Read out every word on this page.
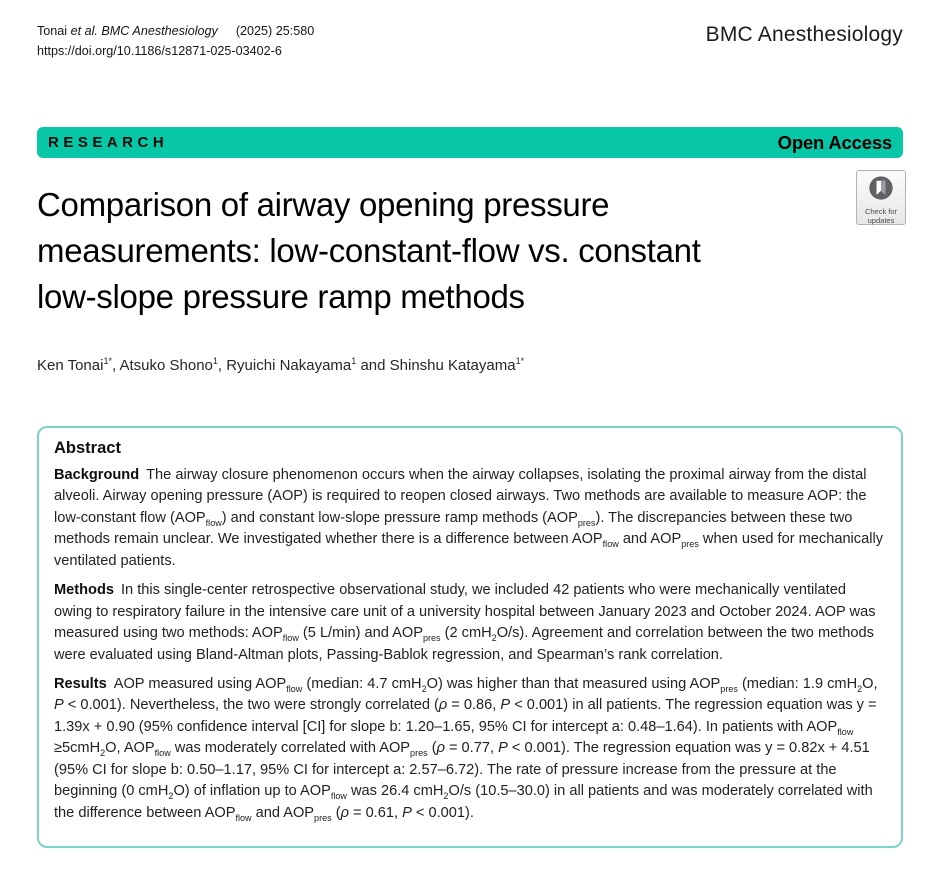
Tonai et al. BMC Anesthesiology (2025) 25:580
https://doi.org/10.1186/s12871-025-03402-6
BMC Anesthesiology
RESEARCH	Open Access
Check for
updates
Comparison of airway opening pressure measurements: low-constant-flow vs. constant low-slope pressure ramp methods
Ken Tonai$^{1*}$, Atsuko Shono$^1$, Ryuichi Nakayama$^1$ and Shinshu Katayama$^{1*}$
Abstract

Background The airway closure phenomenon occurs when the airway collapses, isolating the proximal airway from the distal alveoli. Airway opening pressure (AOP) is required to reopen closed airways. Two methods are available to measure AOP: the low-constant flow $(AOP_{flow})$ and constant low-slope pressure ramp methods $(AOP_{pres})$. The discrepancies between these two methods remain unclear. We investigated whether there is a difference between $AOP_{flow}$ and $AOP_{pres}$ when used for mechanically ventilated patients.

Methods In this single-center retrospective observational study, we included 42 patients who were mechanically ventilated owing to respiratory failure in the intensive care unit of a university hospital between January 2023 and October 2024. AOP was measured using two methods: $AOP_{flow}$ (5 L/min) and $AOP_{pres}$ (2 cmH$_2$O/s). Agreement and correlation between the two methods were evaluated using Bland-Altman plots, Passing-Bablok regression, and Spearman’s rank correlation.

Results AOP measured using $AOP_{flow}$ (median: 4.7 cmH$_2$O) was higher than that measured using $AOP_{pres}$ (median: 1.9 cmH$_2$O, P < 0.001). Nevertheless, the two were strongly correlated (ρ = 0.86, P < 0.001) in all patients. The regression equation was y = 1.39x + 0.90 (95% confidence interval [CI] for slope b: 1.20–1.65, 95% CI for intercept a: 0.48–1.64). In patients with $AOP_{flow} \ge 5cmH_2O$, $AOP_{flow}$ was moderately correlated with $AOP_{pres}$ (ρ = 0.77, P < 0.001). The regression equation was y = 0.82x + 4.51 (95% CI for slope b: 0.50–1.17, 95% CI for intercept a: 2.57–6.72). The rate of pressure increase from the pressure at the beginning (0 cmH$_2$O) of inflation up to $AOP_{flow}$ was 26.4 cmH$_2$O/s (10.5–30.0) in all patients and was moderately correlated with the difference between $AOP_{flow}$ and $AOP_{pres}$ (ρ = 0.61, P < 0.001).
